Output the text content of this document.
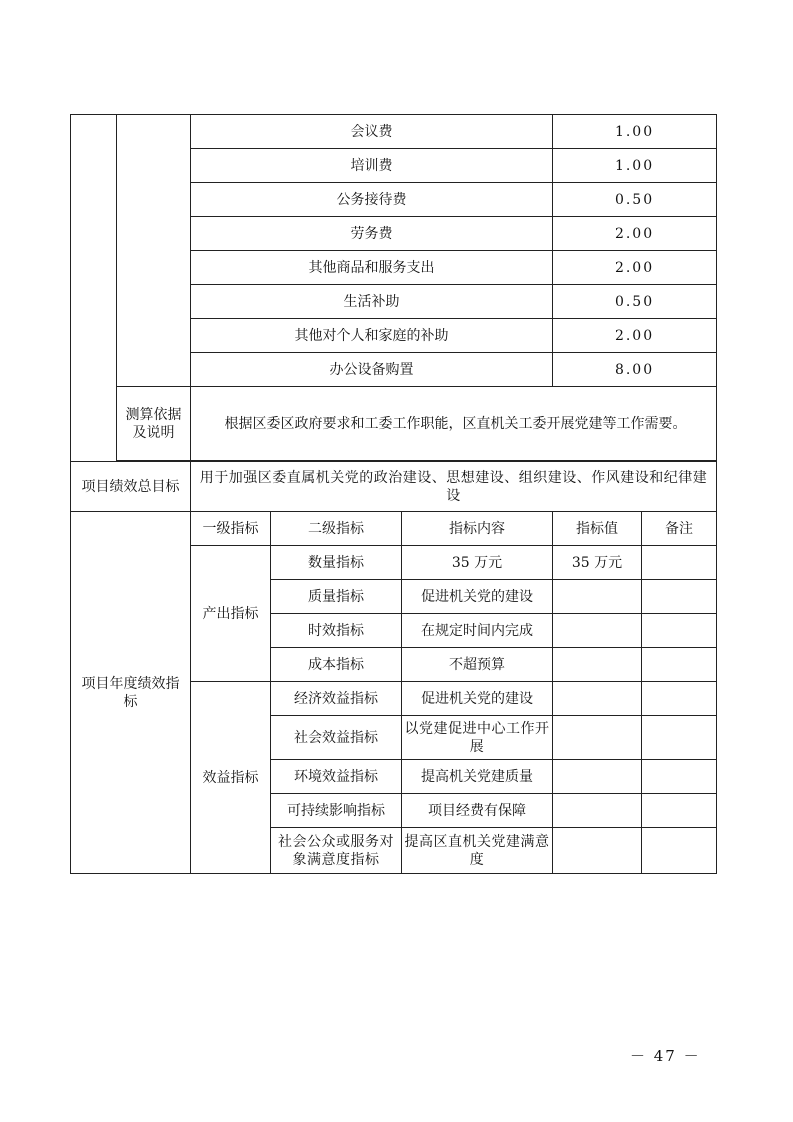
		会议费			1.00	
		培训费			1.00	
		公务接待费			0.50	
		劳务费			2.00	
		其他商品和服务支出			2.00	
		生活补助			0.50	
		其他对个人和家庭的补助			2.00	
		办公设备购置			8.00	
	测算依据及说明	根据区委区政府要求和工委工作职能，区直机关工委开展党建等工作需要。				

项目绩效总目标		用于加强区委直属机关党的政治建设、思想建设、组织建设、作风建设和纪律建设				
项目年度绩效指标		一级指标	二级指标	指标内容	指标值	备注
		产出指标	数量指标	35 万元	35 万元	
			质量指标	促进机关党的建设		
			时效指标	在规定时间内完成		
			成本指标	不超预算		
		效益指标	经济效益指标	促进机关党的建设		
			社会效益指标	以党建促进中心工作开展		
			环境效益指标	提高机关党建质量		
			可持续影响指标	项目经费有保障		
			社会公众或服务对象满意度指标	提高区直机关党建满意度		
－ 47 －
